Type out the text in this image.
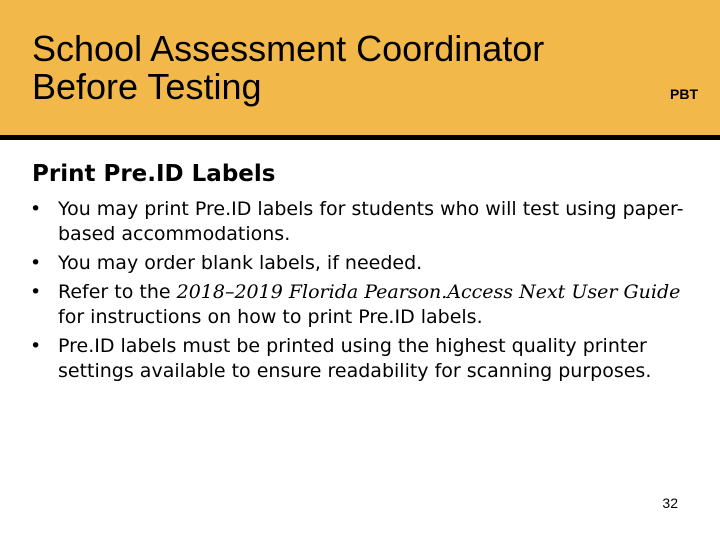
School Assessment Coordinator
Before Testing	PBT
Print Pre.ID Labels
• You may print Pre.ID labels for students who will test using paper-based accommodations.
• You may order blank labels, if needed.
• Refer to the 2018–2019 Florida Pearson.Access Next User Guide for instructions on how to print Pre.ID labels.
• Pre.ID labels must be printed using the highest quality printer settings available to ensure readability for scanning purposes.
32
